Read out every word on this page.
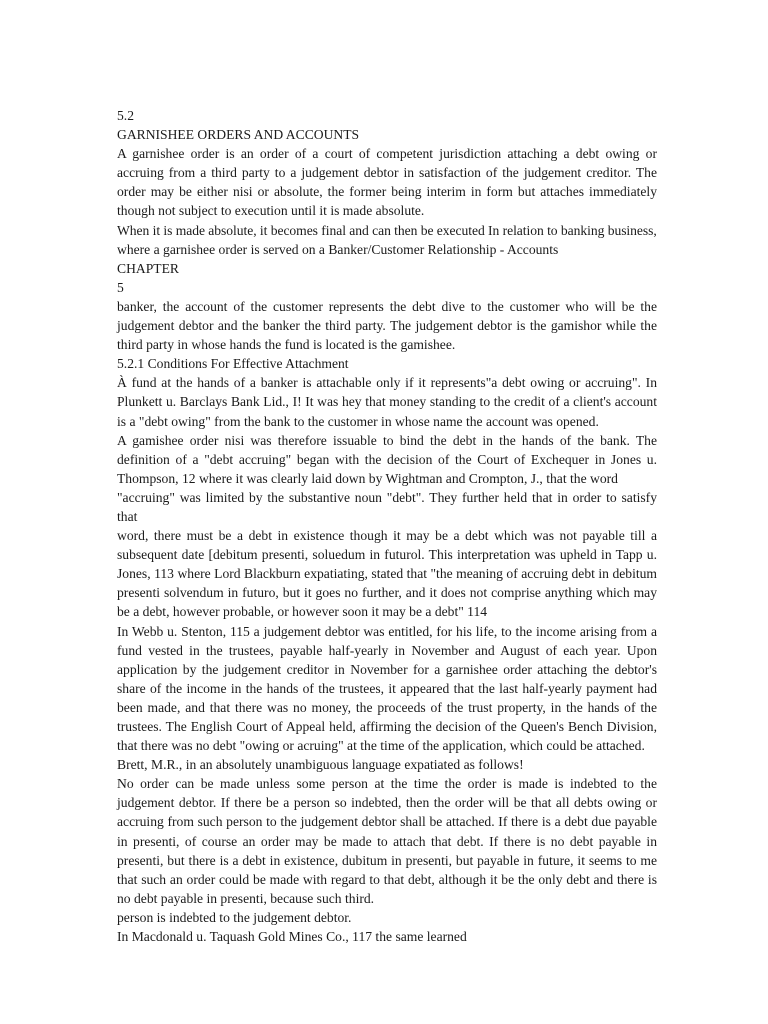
5.2
GARNISHEE ORDERS AND ACCOUNTS
A garnishee order is an order of a court of competent jurisdiction attaching a debt owing or
accruing from a third party to a judgement debtor in satisfaction of the judgement creditor. The
order may be either nisi or absolute, the former being interim in form but attaches immediately
though not subject to execution until it is made absolute.
When it is made absolute, it becomes final and can then be executed In relation to banking business,
where a garnishee order is served on a Banker/Customer Relationship - Accounts
CHAPTER
5
banker, the account of the customer represents the debt dive to the customer who will be the
judgement debtor and the banker the third party. The judgement debtor is the gamishor while the
third party in whose hands the fund is located is the gamishee.
5.2.1 Conditions For Effective Attachment
À fund at the hands of a banker is attachable only if it represents"a debt owing or accruing". In
Plunkett u. Barclays Bank Lid., I! It was hey that money standing to the credit of a client's account
is a "debt owing" from the bank to the customer in whose name the account was opened.
A gamishee order nisi was therefore issuable to bind the debt in the hands of the bank. The
definition of a "debt accruing" began with the decision of the Court of Exchequer in Jones u.
Thompson, 12 where it was clearly laid down by Wightman and Crompton, J., that the word
"accruing" was limited by the substantive noun "debt". They further held that in order to satisfy that
word, there must be a debt in existence though it may be a debt which was not payable till a
subsequent date [debitum presenti, soluedum in futurol. This interpretation was upheld in Tapp u.
Jones, 113 where Lord Blackburn expatiating, stated that "the meaning of accruing debt in debitum
presenti solvendum in futuro, but it goes no further, and it does not comprise anything which may
be a debt, however probable, or however soon it may be a debt" 114
In Webb u. Stenton, 115 a judgement debtor was entitled, for his life, to the income arising from a
fund vested in the trustees, payable half-yearly in November and August of each year. Upon
application by the judgement creditor in November for a garnishee order attaching the debtor's
share of the income in the hands of the trustees, it appeared that the last half-yearly payment had
been made, and that there was no money, the proceeds of the trust property, in the hands of the
trustees. The English Court of Appeal held, affirming the decision of the Queen's Bench Division,
that there was no debt "owing or acruing" at the time of the application, which could be attached.
Brett, M.R., in an absolutely unambiguous language expatiated as follows!
No order can be made unless some person at the time the order is made is indebted to the
judgement debtor. If there be a person so indebted, then the order will be that all debts owing or
accruing from such person to the judgement debtor shall be attached. If there is a debt due payable
in presenti, of course an order may be made to attach that debt. If there is no debt payable in
presenti, but there is a debt in existence, dubitum in presenti, but payable in future, it seems to me
that such an order could be made with regard to that debt, although it be the only debt and there is
no debt payable in presenti, because such third.
person is indebted to the judgement debtor.
In Macdonald u. Taquash Gold Mines Co., 117 the same learned
